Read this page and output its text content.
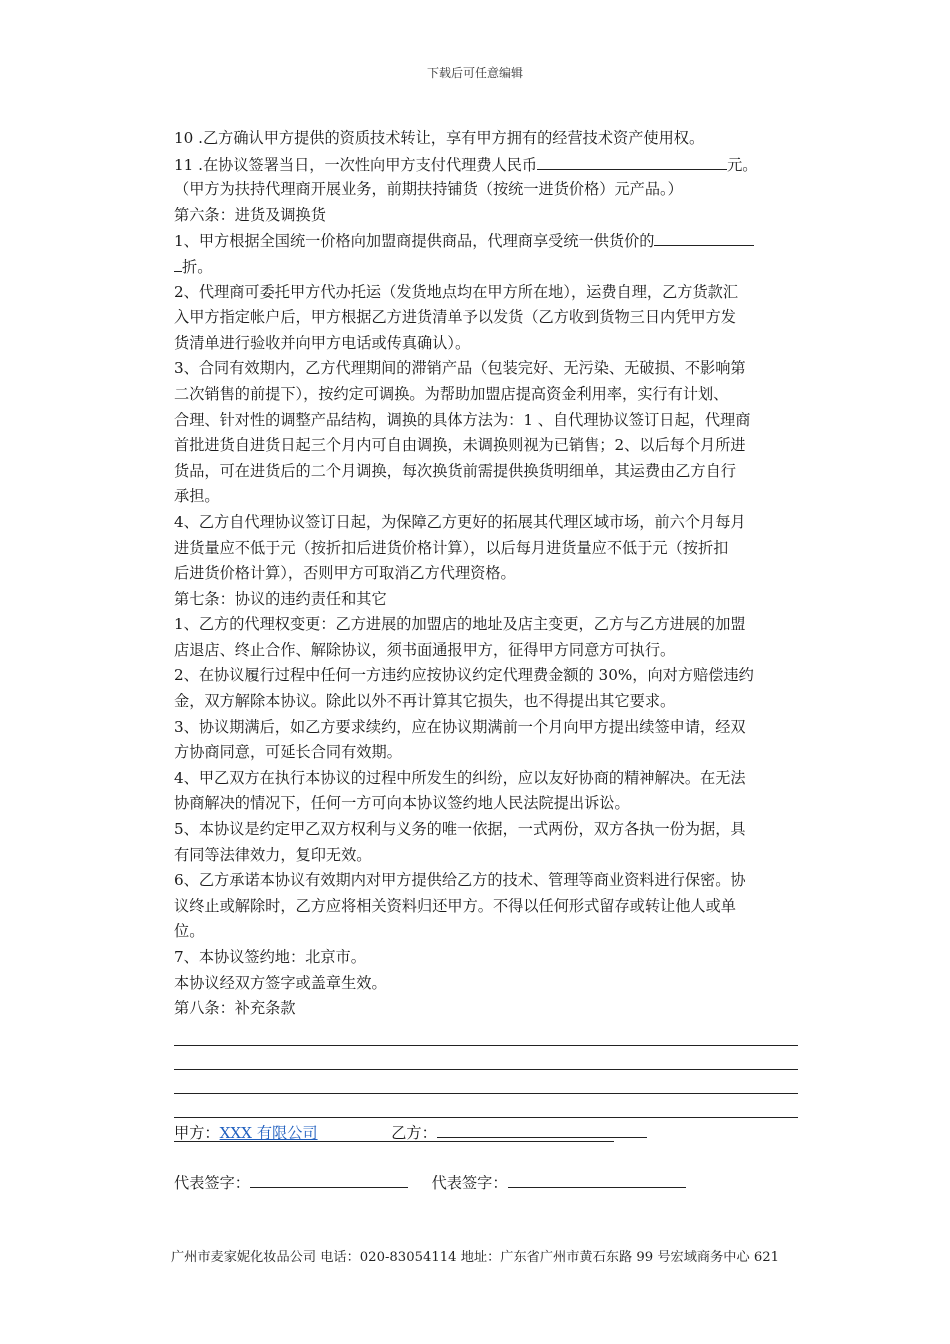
下载后可任意编辑
10 .乙方确认甲方提供的资质技术转让，享有甲方拥有的经营技术资产使用权。
11 .在协议签署当日，一次性向甲方支付代理费人民币	元。
（甲方为扶持代理商开展业务，前期扶持铺货（按统一进货价格）元产品。）
第六条：进货及调换货
1、甲方根据全国统一价格向加盟商提供商品，代理商享受统一供货价的
折。
2、代理商可委托甲方代办托运（发货地点均在甲方所在地），运费自理，乙方货款汇
入甲方指定帐户后，甲方根据乙方进货清单予以发货（乙方收到货物三日内凭甲方发
货清单进行验收并向甲方电话或传真确认）。
3、合同有效期内，乙方代理期间的滞销产品（包装完好、无污染、无破损、不影响第
二次销售的前提下），按约定可调换。为帮助加盟店提高资金利用率，实行有计划、
合理、针对性的调整产品结构，调换的具体方法为：1 、自代理协议签订日起，代理商
首批进货自进货日起三个月内可自由调换，未调换则视为已销售；2、以后每个月所进
货品，可在进货后的二个月调换，每次换货前需提供换货明细单，其运费由乙方自行
承担。
4、乙方自代理协议签订日起，为保障乙方更好的拓展其代理区域市场，前六个月每月
进货量应不低于元（按折扣后进货价格计算），以后每月进货量应不低于元（按折扣
后进货价格计算），否则甲方可取消乙方代理资格。
第七条：协议的违约责任和其它
1、乙方的代理权变更：乙方进展的加盟店的地址及店主变更，乙方与乙方进展的加盟
店退店、终止合作、解除协议，须书面通报甲方，征得甲方同意方可执行。
2、在协议履行过程中任何一方违约应按协议约定代理费金额的 30%，向对方赔偿违约
金，双方解除本协议。除此以外不再计算其它损失，也不得提出其它要求。
3、协议期满后，如乙方要求续约，应在协议期满前一个月向甲方提出续签申请，经双
方协商同意，可延长合同有效期。
4、甲乙双方在执行本协议的过程中所发生的纠纷，应以友好协商的精神解决。在无法
协商解决的情况下，任何一方可向本协议签约地人民法院提出诉讼。
5、本协议是约定甲乙双方权利与义务的唯一依据，一式两份，双方各执一份为据，具
有同等法律效力，复印无效。
6、乙方承诺本协议有效期内对甲方提供给乙方的技术、管理等商业资料进行保密。协
议终止或解除时，乙方应将相关资料归还甲方。不得以任何形式留存或转让他人或单
位。
7、本协议签约地：北京市。
本协议经双方签字或盖章生效。
第八条：补充条款
甲方：XXX 有限公司	乙方：
代表签字：	代表签字：
广州市麦家妮化妆品公司 电话：020-83054114 地址：广东省广州市黄石东路 99 号宏域商务中心 621
